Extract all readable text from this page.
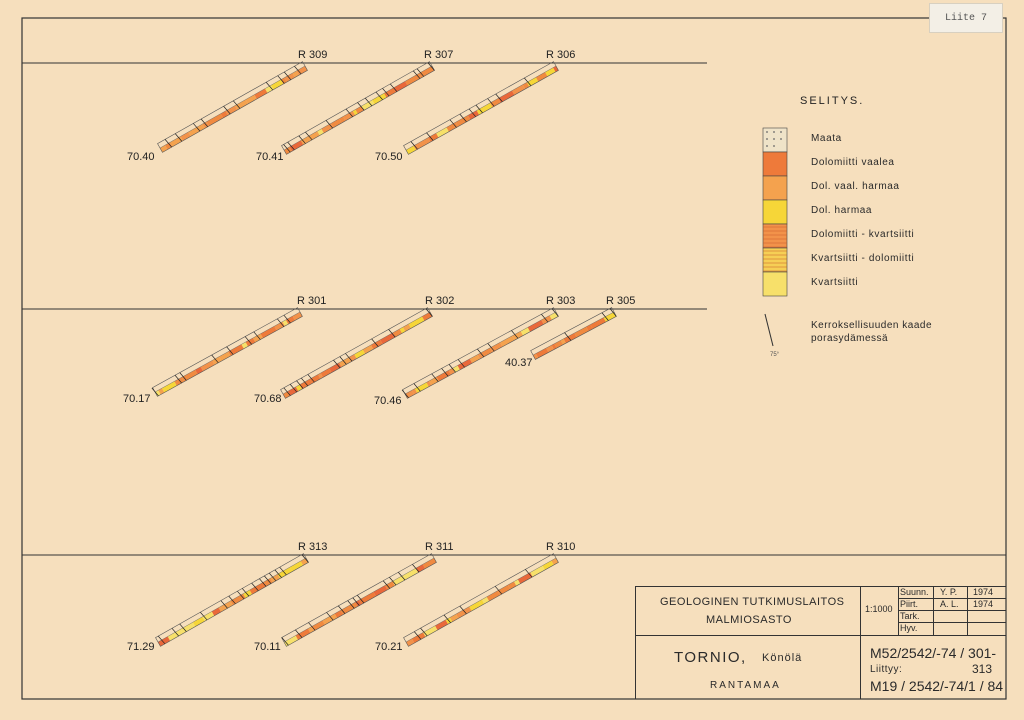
R 309
70.40
R 307
70.41
R 306
70.50
R 301
70.17
R 302
70.68
R 303
70.46
R 305
40.37
R 313
71.29
R 311
70.11
R 310
70.21
SELITYS.
75°
Liite 7
Maata
Dolomiitti vaalea
Dol. vaal. harmaa
Dol. harmaa
Dolomiitti - kvartsiitti
Kvartsiitti - dolomiitti
Kvartsiitti
Kerroksellisuuden kaade porasydämessä
GEOLOGINEN TUTKIMUSLAITOS
MALMIOSASTO
1:1000
Suunn. Y. P. 1974
Piirt. A. L. 1974
Tark.
Hyv.
TORNIO, Könölä
RANTAMAA
M52/2542/-74 / 301-
Liittyy:	313
M19 / 2542/-74/1 / 84
